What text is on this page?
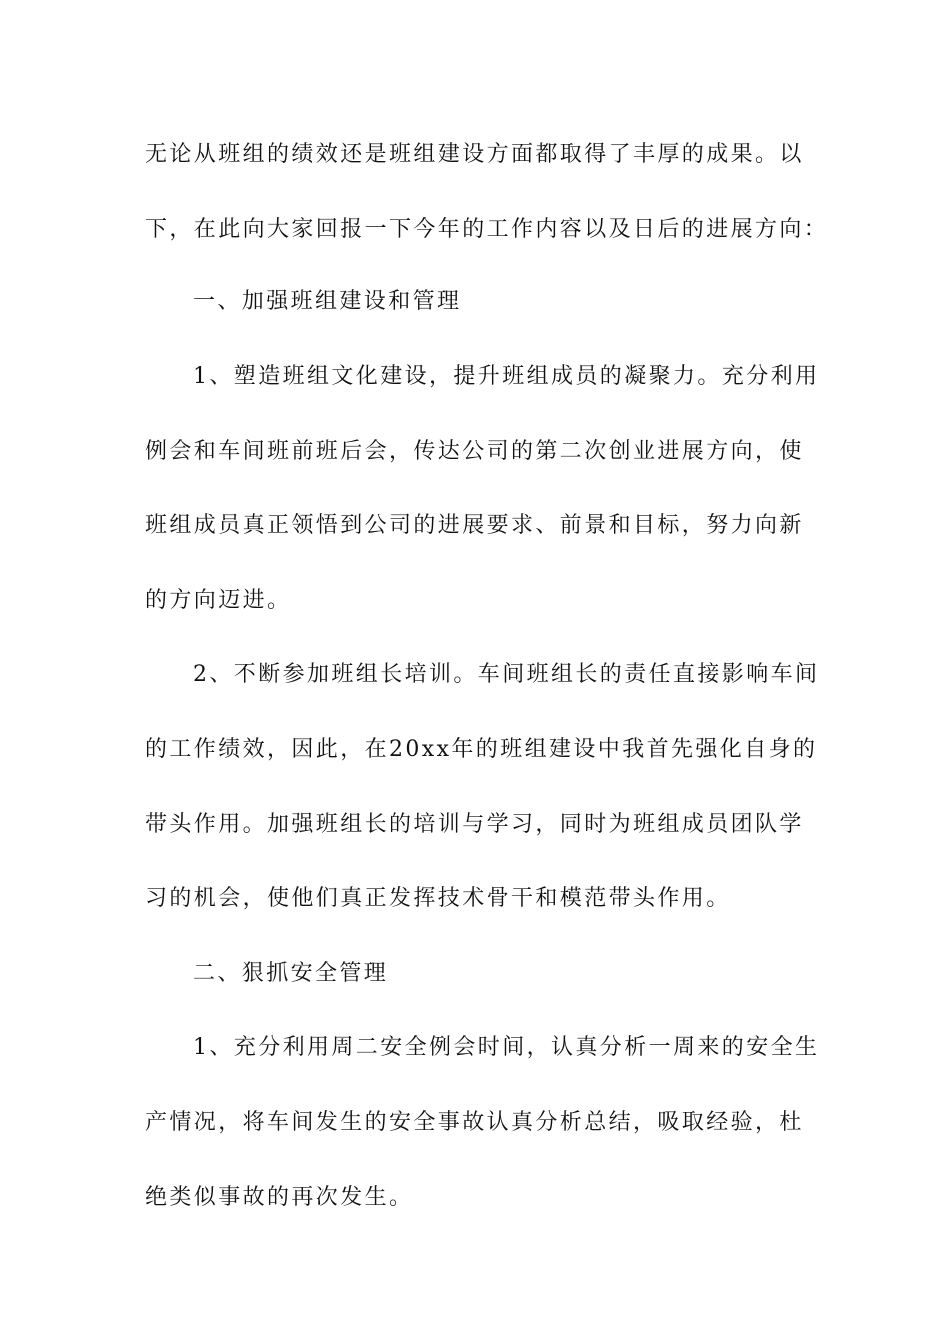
无论从班组的绩效还是班组建设方面都取得了丰厚的成果。以
下，在此向大家回报一下今年的工作内容以及日后的进展方向：
一、加强班组建设和管理
1、塑造班组文化建设，提升班组成员的凝聚力。充分利用
例会和车间班前班后会，传达公司的第二次创业进展方向，使
班组成员真正领悟到公司的进展要求、前景和目标，努力向新
的方向迈进。
2、不断参加班组长培训。车间班组长的责任直接影响车间
的工作绩效，因此，在20xx年的班组建设中我首先强化自身的
带头作用。加强班组长的培训与学习，同时为班组成员团队学
习的机会，使他们真正发挥技术骨干和模范带头作用。
二、狠抓安全管理
1、充分利用周二安全例会时间，认真分析一周来的安全生
产情况，将车间发生的安全事故认真分析总结，吸取经验，杜
绝类似事故的再次发生。
